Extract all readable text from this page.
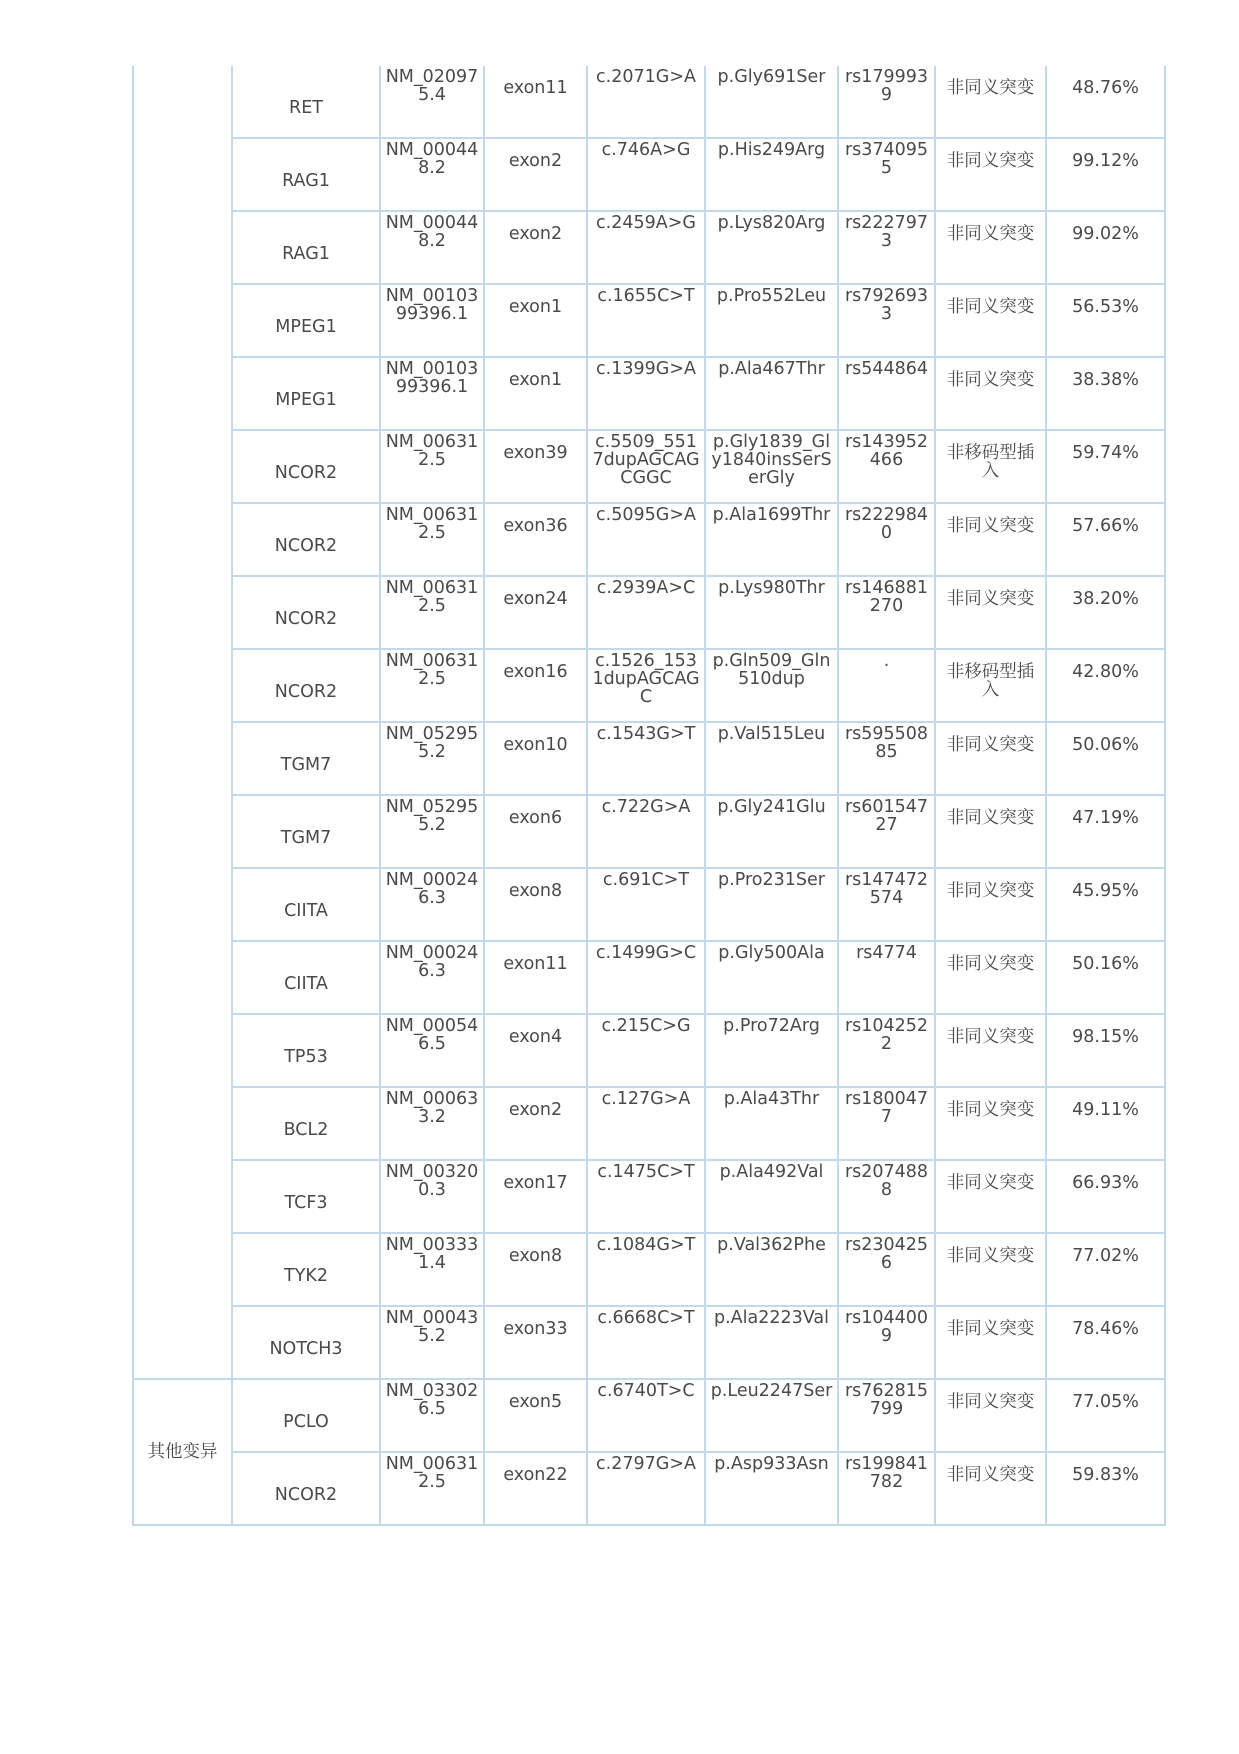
	RET	NM_020975.4	exon11	c.2071G>A	p.Gly691Ser	rs1799939	非同义突变	48.76%
	RAG1	NM_000448.2	exon2	c.746A>G	p.His249Arg	rs3740955	非同义突变	99.12%
	RAG1	NM_000448.2	exon2	c.2459A>G	p.Lys820Arg	rs2227973	非同义突变	99.02%
	MPEG1	NM_0010399396.1	exon1	c.1655C>T	p.Pro552Leu	rs7926933	非同义突变	56.53%
	MPEG1	NM_0010399396.1	exon1	c.1399G>A	p.Ala467Thr	rs544864	非同义突变	38.38%
	NCOR2	NM_006312.5	exon39	c.5509_5517dupAGCAGCGGC	p.Gly1839_Gly1840insSerSerGly	rs143952466	非移码型插入	59.74%
	NCOR2	NM_006312.5	exon36	c.5095G>A	p.Ala1699Thr	rs2229840	非同义突变	57.66%
	NCOR2	NM_006312.5	exon24	c.2939A>C	p.Lys980Thr	rs146881270	非同义突变	38.20%
	NCOR2	NM_006312.5	exon16	c.1526_1531dupAGCAGC	p.Gln509_Gln510dup	.	非移码型插入	42.80%
	TGM7	NM_052955.2	exon10	c.1543G>T	p.Val515Leu	rs59550885	非同义突变	50.06%
	TGM7	NM_052955.2	exon6	c.722G>A	p.Gly241Glu	rs60154727	非同义突变	47.19%
	CIITA	NM_000246.3	exon8	c.691C>T	p.Pro231Ser	rs147472574	非同义突变	45.95%
	CIITA	NM_000246.3	exon11	c.1499G>C	p.Gly500Ala	rs4774	非同义突变	50.16%
	TP53	NM_000546.5	exon4	c.215C>G	p.Pro72Arg	rs1042522	非同义突变	98.15%
	BCL2	NM_000633.2	exon2	c.127G>A	p.Ala43Thr	rs1800477	非同义突变	49.11%
	TCF3	NM_003200.3	exon17	c.1475C>T	p.Ala492Val	rs2074888	非同义突变	66.93%
	TYK2	NM_003331.4	exon8	c.1084G>T	p.Val362Phe	rs2304256	非同义突变	77.02%
	NOTCH3	NM_000435.2	exon33	c.6668C>T	p.Ala2223Val	rs1044009	非同义突变	78.46%
其他变异	PCLO	NM_033026.5	exon5	c.6740T>C	p.Leu2247Ser	rs762815799	非同义突变	77.05%
	NCOR2	NM_006312.5	exon22	c.2797G>A	p.Asp933Asn	rs199841782	非同义突变	59.83%
